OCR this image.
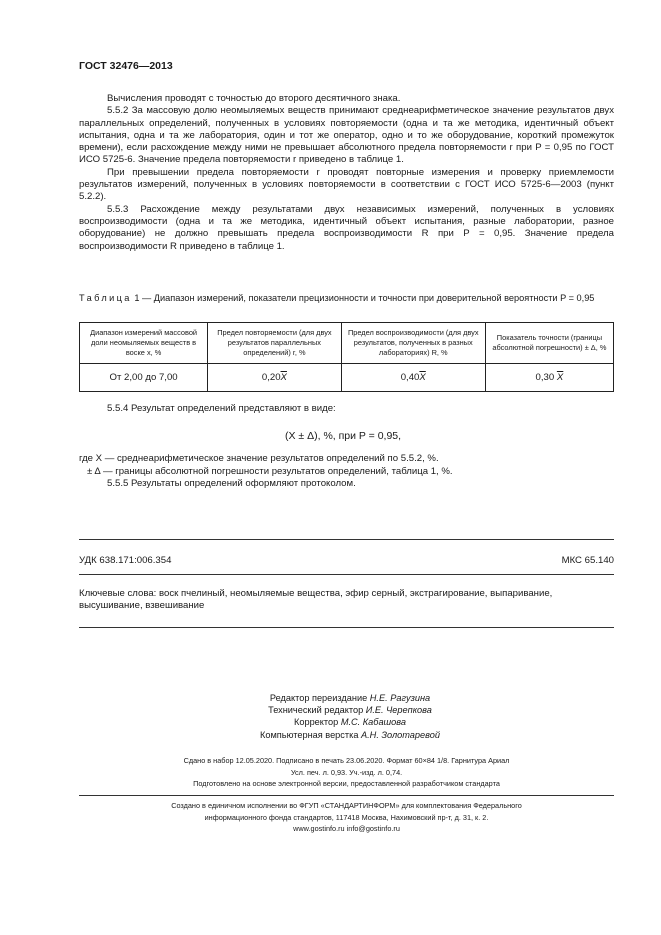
ГОСТ 32476—2013

Вычисления проводят с точностью до второго десятичного знака.

5.5.2 За массовую долю неомыляемых веществ принимают среднеарифметическое значение результатов двух параллельных определений, полученных в условиях повторяемости (одна и та же методика, идентичный объект испытания, одна и та же лаборатория, один и тот же оператор, одно и то же оборудование, короткий промежуток времени), если расхождение между ними не превышает абсолютного предела повторяемости r при P = 0,95 по ГОСТ ИСО 5725-6. Значение предела повторяемости r приведено в таблице 1.

При превышении предела повторяемости r проводят повторные измерения и проверку приемлемости результатов измерений, полученных в условиях повторяемости в соответствии с ГОСТ ИСО 5725-6—2003 (пункт 5.2.2).

5.5.3 Расхождение между результатами двух независимых измерений, полученных в условиях воспроизводимости (одна и та же методика, идентичный объект испытания, разные лаборатории, разное оборудование) не должно превышать предела воспроизводимости R при P = 0,95. Значение предела воспроизводимости R приведено в таблице 1.

Таблица 1 — Диапазон измерений, показатели прецизионности и точности при доверительной вероятности P = 0,95
Диапазон измерений массовой доли неомыляемых веществ в воске x, %	Предел повторяемости (для двух результатов параллельных определений) r, %	Предел воспроизводимости (для двух результатов, полученных в разных лабораториях) R, %	Показатель точности (границы абсолютной погрешности) ± Δ, %
От 2,00 до 7,00	$0,20\overline{X}$	$0,40\overline{X}$	0,30 $\overline{X}$
5.5.4 Результат определений представляют в виде:
(X ± Δ), %, при P = 0,95,
где X — среднеарифметическое значение результатов определений по 5.5.2, %.
± Δ — границы абсолютной погрешности результатов определений, таблица 1, %.
5.5.5 Результаты определений оформляют протоколом.
УДК 638.171:006.354	МКС 65.140
Ключевые слова: воск пчелиный, неомыляемые вещества, эфир серный, экстрагирование, выпаривание, высушивание, взвешивание
Редактор переиздание Н.Е. Рагузина
Технический редактор И.Е. Черепкова
Корректор М.С. Кабашова
Компьютерная верстка А.Н. Золотаревой
Сдано в набор 12.05.2020. Подписано в печать 23.06.2020. Формат 60×84 1/8. Гарнитура Ариал
Усл. печ. л. 0,93. Уч.-изд. л. 0,74.
Подготовлено на основе электронной версии, предоставленной разработчиком стандарта
Создано в единичном исполнении во ФГУП «СТАНДАРТИНФОРМ» для комплектования Федерального
информационного фонда стандартов, 117418 Москва, Нахимовский пр-т, д. 31, к. 2.
www.gostinfo.ru info@gostinfo.ru
